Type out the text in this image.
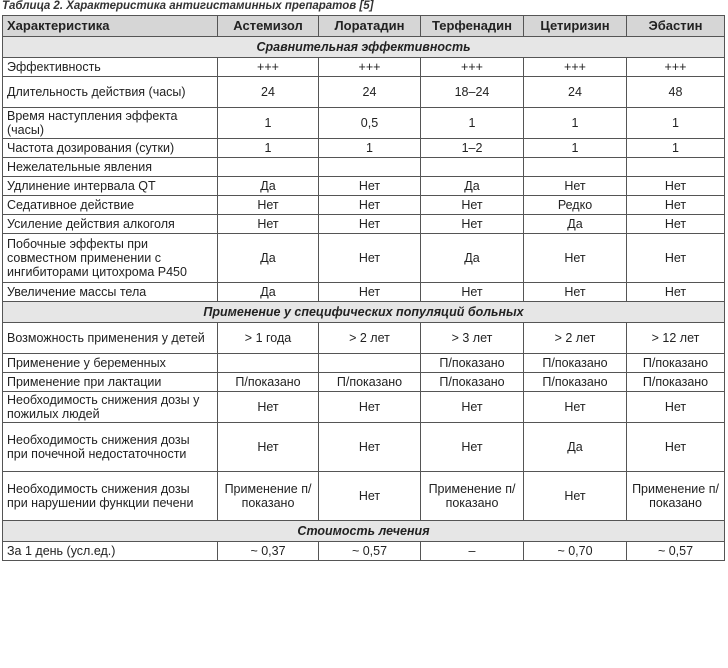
Таблица 2. Характеристика антигистаминных препаратов [5]
Характеристика	Астемизол	Лоратадин	Терфенадин	Цетиризин	Эбастин
Сравнительная эффективность					
Эффективность	+++	+++	+++	+++	+++
Длительность действия (часы)	24	24	18–24	24	48
Время наступления эффекта (часы)	1	0,5	1	1	1
Частота дозирования (сутки)	1	1	1–2	1	1
Нежелательные явления					
Удлинение интервала QT	Да	Нет	Да	Нет	Нет
Седативное действие	Нет	Нет	Нет	Редко	Нет
Усиление действия алкоголя	Нет	Нет	Нет	Да	Нет
Побочные эффекты при совместном применении с ингибиторами цитохрома Р450	Да	Нет	Да	Нет	Нет
Увеличение массы тела	Да	Нет	Нет	Нет	Нет
Применение у специфических популяций больных					
Возможность применения у детей	> 1 года	> 2 лет	> 3 лет	> 2 лет	> 12 лет
Применение у беременных			П/показано	П/показано	П/показано
Применение при лактации	П/показано	П/показано	П/показано	П/показано	П/показано
Необходимость снижения дозы у пожилых людей	Нет	Нет	Нет	Нет	Нет
Необходимость снижения дозы при почечной недостаточности	Нет	Нет	Нет	Да	Нет
Необходимость снижения дозы при нарушении функции печени	Применение п/показано	Нет	Применение п/показано	Нет	Применение п/показано
Стоимость лечения					
За 1 день (усл.ед.)	~ 0,37	~ 0,57	–	~ 0,70	~ 0,57
